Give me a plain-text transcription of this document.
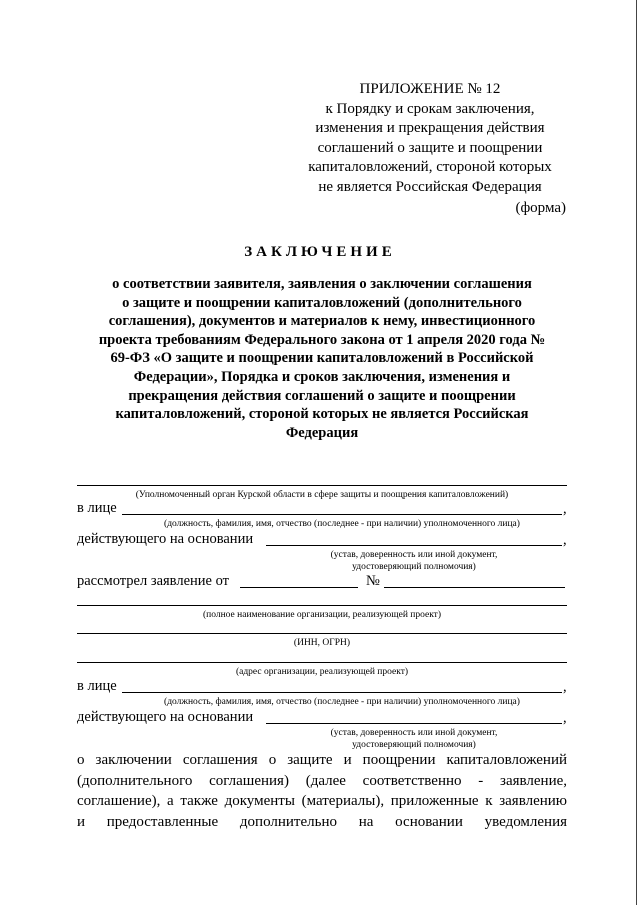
ПРИЛОЖЕНИЕ № 12
к Порядку и срокам заключения,
изменения и прекращения действия
соглашений о защите и поощрении
капиталовложений, стороной которых
не является Российская Федерация
(форма)
ЗАКЛЮЧЕНИЕ
о соответствии заявителя, заявления о заключении соглашения
о защите и поощрении капиталовложений (дополнительного
соглашения), документов и материалов к нему, инвестиционного
проекта требованиям Федерального закона от 1 апреля 2020 года №
69-ФЗ «О защите и поощрении капиталовложений в Российской
Федерации», Порядка и сроков заключения, изменения и
прекращения действия соглашений о защите и поощрении
капиталовложений, стороной которых не является Российская
Федерация
(Уполномоченный орган Курской области в сфере защиты и поощрения капиталовложений)
в лице	,
(должность, фамилия, имя, отчество (последнее - при наличии) уполномоченного лица)
действующего на основании	,
(устав, доверенность или иной документ,
удостоверяющий полномочия)
рассмотрел заявление от	№
(полное наименование организации, реализующей проект)
(ИНН, ОГРН)
(адрес организации, реализующей проект)
в лице	,
(должность, фамилия, имя, отчество (последнее - при наличии) уполномоченного лица)
действующего на основании	,
(устав, доверенность или иной документ,
удостоверяющий полномочия)
о заключении соглашения о защите и поощрении капиталовложений
(дополнительного соглашения) (далее соответственно - заявление,
соглашение), а также документы (материалы), приложенные к заявлению
и предоставленные дополнительно на основании уведомления
